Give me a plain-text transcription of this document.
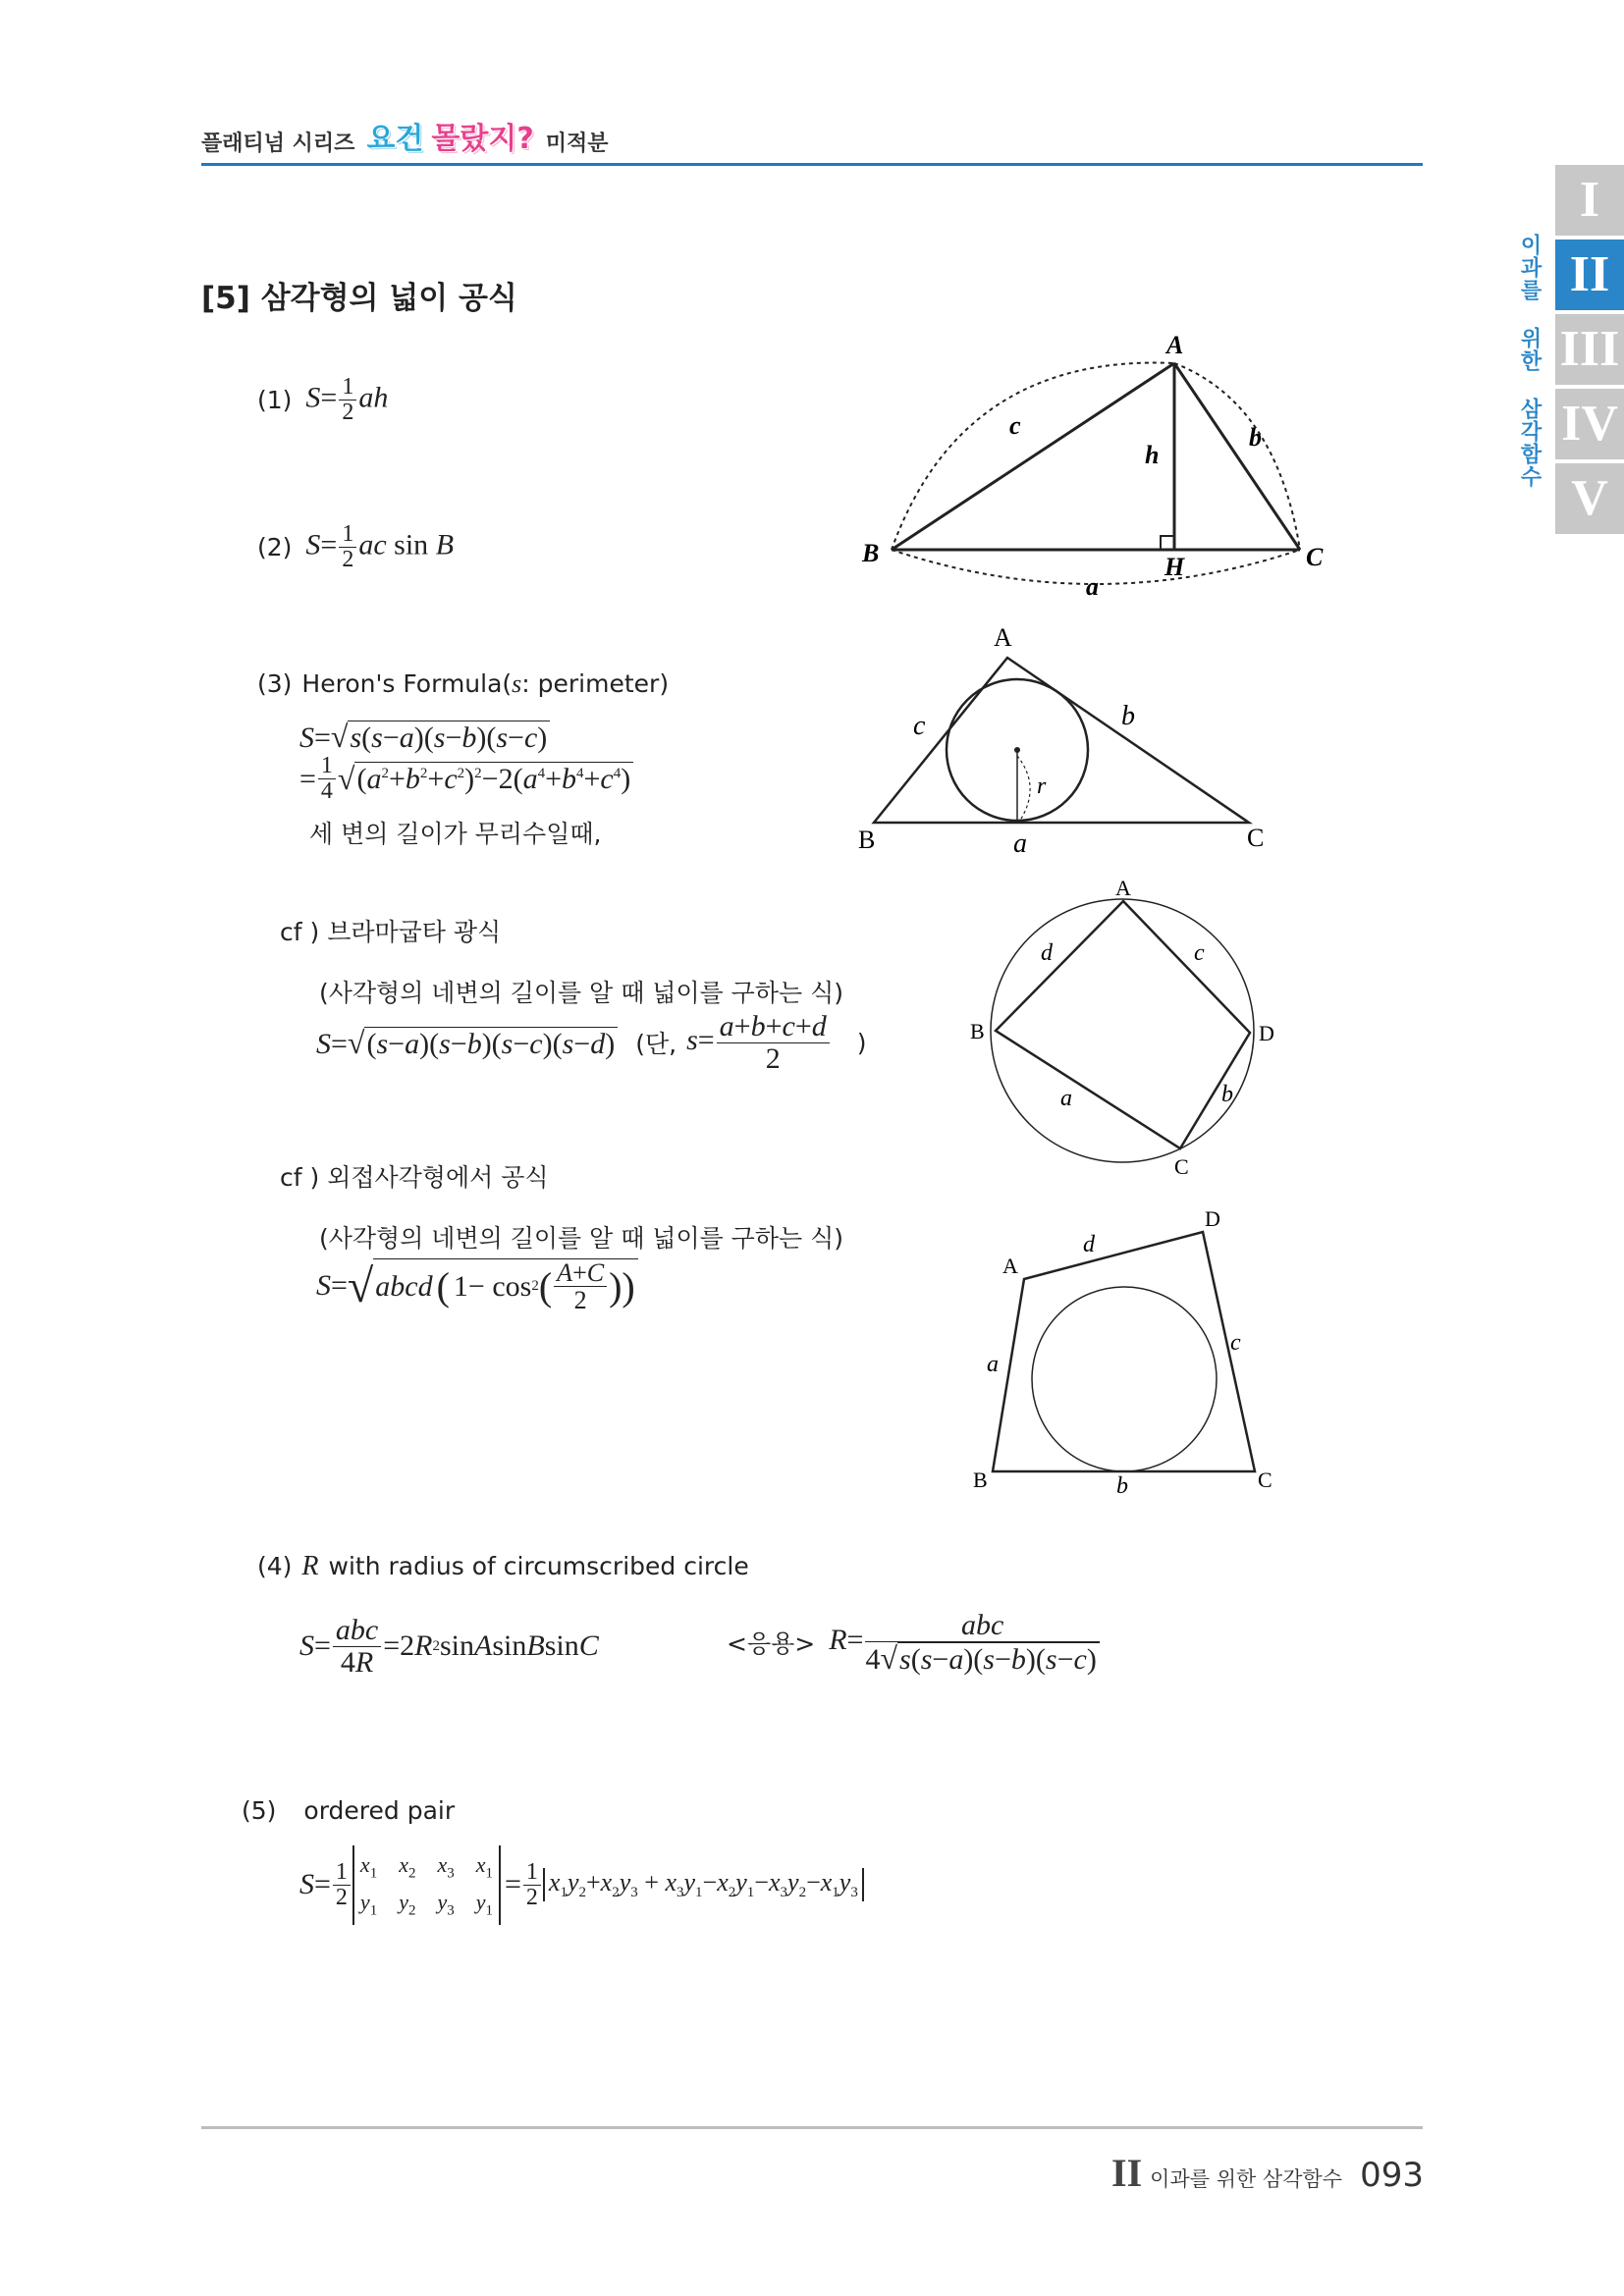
플래티넘 시리즈 요건 몰랐지? 미적분
I
II
III
IV
V
이과를 위한 삼각함수
[5] 삼각형의 넓이 공식
(1) $S= \frac{1}{2}$ ah
(2) $S= \frac{1}{2}$ ac sin B
A
B	C
H
a
b
c
h
(3) Heron's Formula(s: perimeter)
S=√s(s−a)(s−b)(s−c)
= $\frac{1}{4}$ √ $(a^2+b^2+c^2)^2-2(a^4+b^4+c^4)$
세 변의 길이가 무리수일때,
A
B	C
a
b
c
r
cf ) 브라마굽타 광식
(사각형의 네변의 길이를 알 때 넓이를 구하는 식)
S=√(s−a)(s−b)(s−c)(s−d) (단, $s= \frac{a+b+c+d}{2}$ )
A
B
C
D
a	b
c
d
cf ) 외접사각형에서 공식
(사각형의 네변의 길이를 알 때 넓이를 구하는 식)
S = √ abcd ( 1− cos 2 ( $\frac{A+C}{2}$ ))	A
B	C
D
a
b
c
d
(4) R with radius of circumscribed circle
$S = \frac{\text{abc}}{4R} =2$ R 2 sin A sin B sin C	<응용> $R= \frac{\text{abc}}{4√s(s-a)(s-b)(s-c)}$
(5) ordered pair
$S = \frac{1}{2} x_1$ $x_2$ $x_3$ $x_1$
$y_1$ $y_2$ $y_3$ $y_1$
= $\frac{1}{2} x_1y_2+x_2y_3 + x_3y_1-x_2y_1-x_3y_2-x_1y_3$
II 이과를 위한 삼각함수 093
